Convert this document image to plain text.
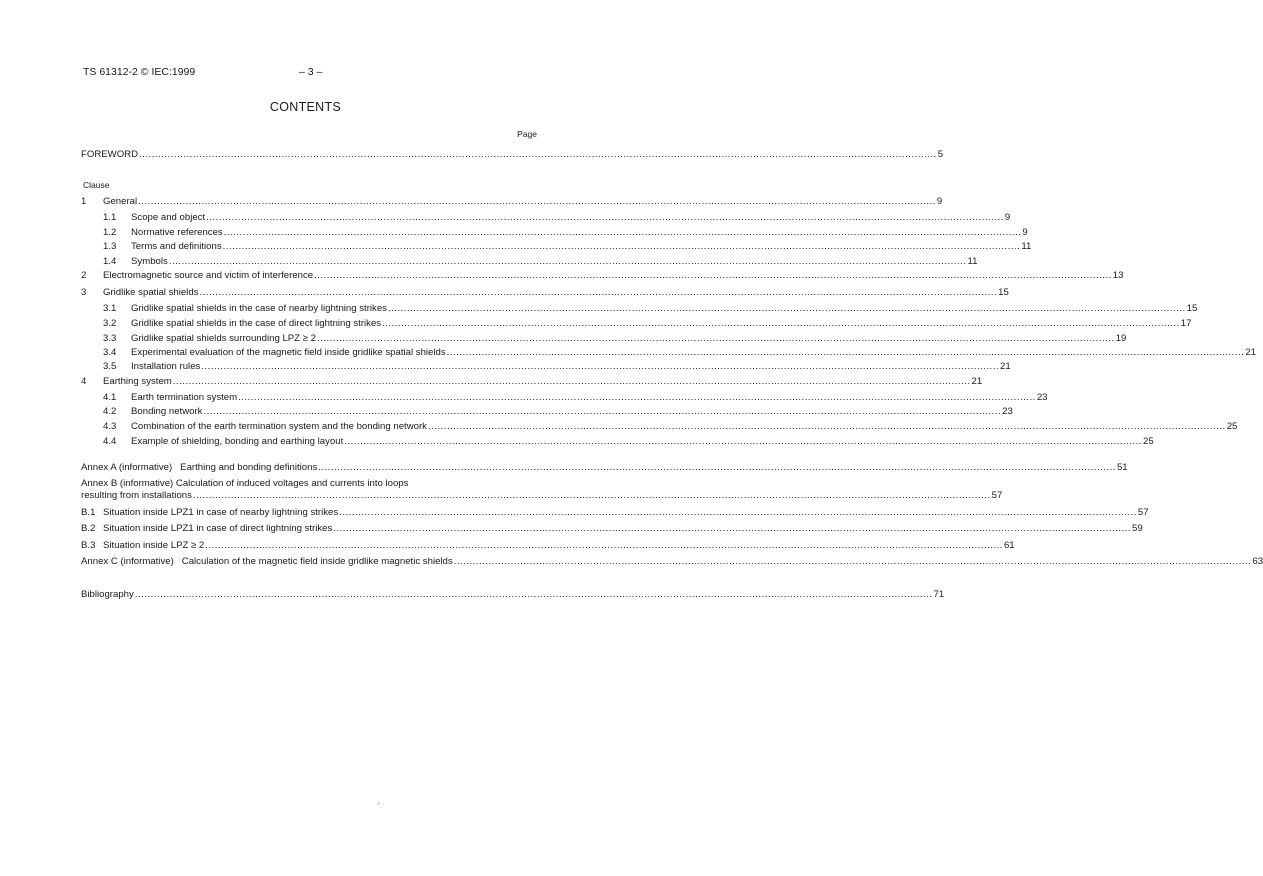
TS 61312-2 © IEC:1999	– 3 –
CONTENTS
Page
FOREWORD .....	5
Clause
1	General .....	9
1.1	Scope and object .....	9
1.2	Normative references .....	9
1.3	Terms and definitions .....	11
1.4	Symbols .....	11
2	Electromagnetic source and victim of interference .....	13
3	Gridlike spatial shields .....	15
3.1	Gridlike spatial shields in the case of nearby lightning strikes .....	15
3.2	Gridlike spatial shields in the case of direct lightning strikes .....	17
3.3	Gridlike spatial shields surrounding LPZ ≥ 2 .....	19
3.4	Experimental evaluation of the magnetic field inside gridlike spatial shields .....	21
3.5	Installation rules .....	21
4	Earthing system .....	21
4.1	Earth termination system .....	23
4.2	Bonding network .....	23
4.3	Combination of the earth termination system and the bonding network .....	25
4.4	Example of shielding, bonding and earthing layout .....	25
Annex A (informative)   Earthing and bonding definitions .....	51
Annex B (informative) Calculation of induced voltages and currents into loops
resulting from installations .....	57
B.1 Situation inside LPZ1 in case of nearby lightning strikes .....	57
B.2 Situation inside LPZ1 in case of direct lightning strikes .....	59
B.3 Situation inside LPZ ≥ 2 .....	61
Annex C (informative)   Calculation of the magnetic field inside gridlike magnetic shields .....	63
Bibliography .....	71
